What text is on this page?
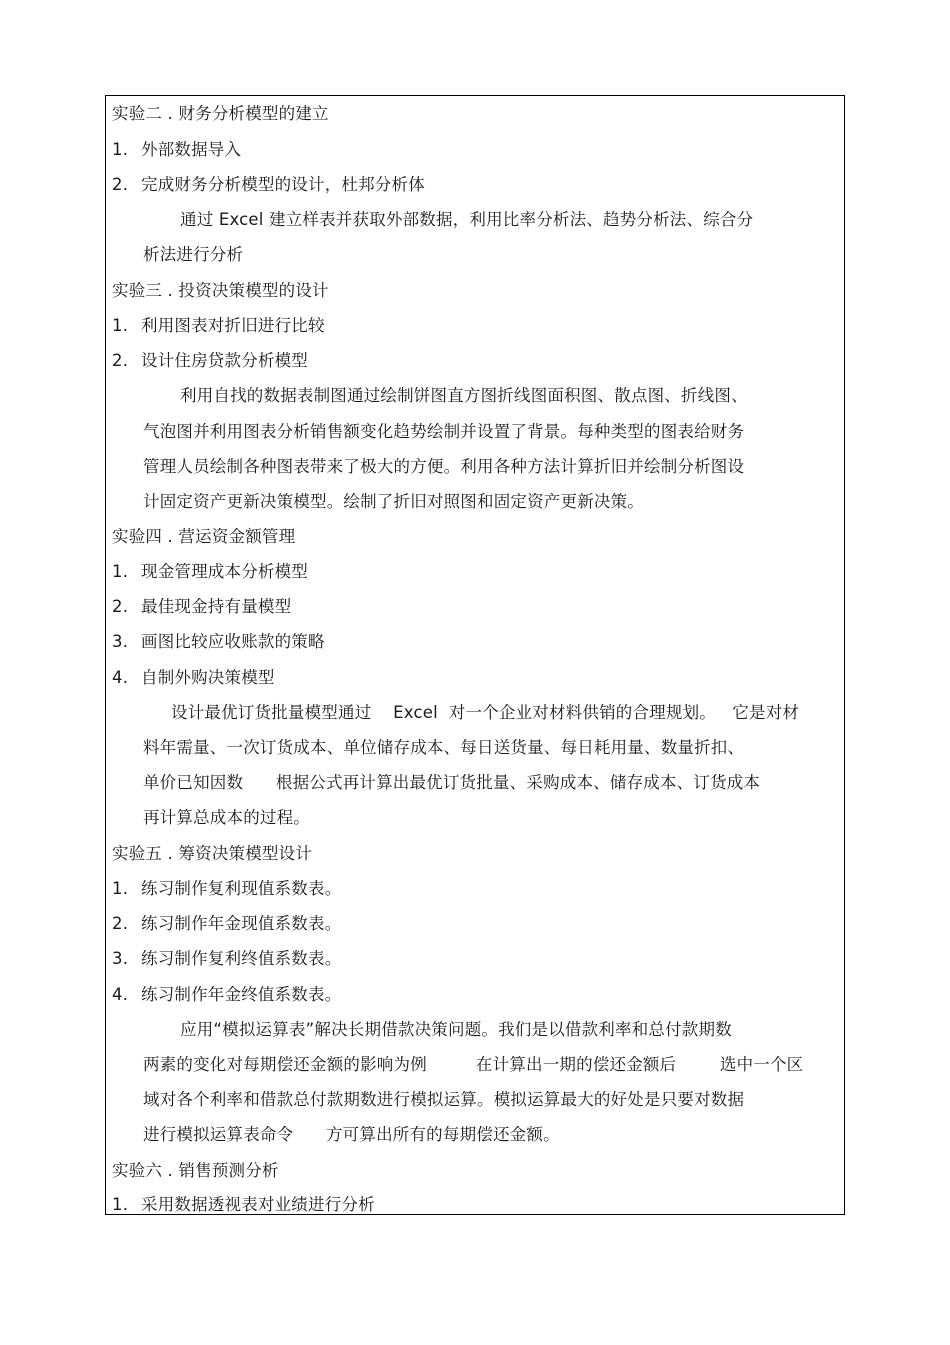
实验二 . 财务分析模型的建立
1. 外部数据导入
2. 完成财务分析模型的设计，杜邦分析体
通过 Excel 建立样表并获取外部数据，利用比率分析法、趋势分析法、综合分
析法进行分析
实验三 . 投资决策模型的设计
1. 利用图表对折旧进行比较
2. 设计住房贷款分析模型
利用自找的数据表制图通过绘制饼图直方图折线图面积图、散点图、折线图、
气泡图并利用图表分析销售额变化趋势绘制并设置了背景。每种类型的图表给财务
管理人员绘制各种图表带来了极大的方便。利用各种方法计算折旧并绘制分析图设
计固定资产更新决策模型。绘制了折旧对照图和固定资产更新决策。
实验四 . 营运资金额管理
1. 现金管理成本分析模型
2. 最佳现金持有量模型
3. 画图比较应收账款的策略
4. 自制外购决策模型
设计最优订货批量模型通过    Excel  对一个企业对材料供销的合理规划。   它是对材
料年需量、一次订货成本、单位储存成本、每日送货量、每日耗用量、数量折扣、
单价已知因数      根据公式再计算出最优订货批量、采购成本、储存成本、订货成本
再计算总成本的过程。
实验五 . 筹资决策模型设计
1. 练习制作复利现值系数表。
2. 练习制作年金现值系数表。
3. 练习制作复利终值系数表。
4. 练习制作年金终值系数表。
应用“模拟运算表”解决长期借款决策问题。我们是以借款利率和总付款期数
两素的变化对每期偿还金额的影响为例         在计算出一期的偿还金额后        选中一个区
域对各个利率和借款总付款期数进行模拟运算。模拟运算最大的好处是只要对数据
进行模拟运算表命令      方可算出所有的每期偿还金额。
实验六 . 销售预测分析
1. 采用数据透视表对业绩进行分析
